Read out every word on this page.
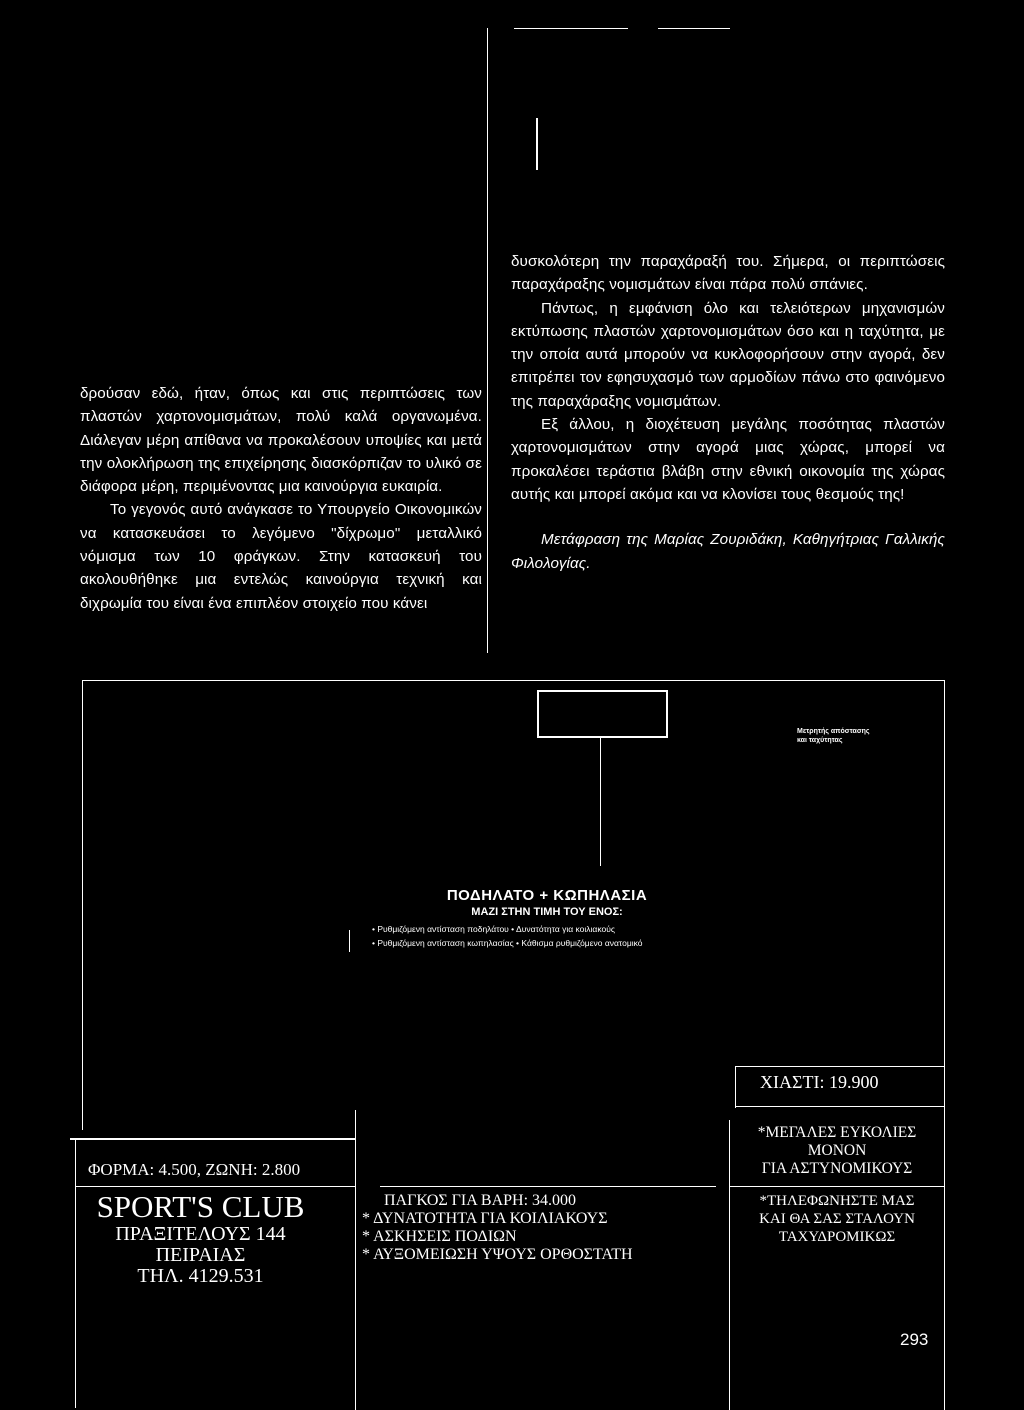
δρούσαν εδώ, ήταν, όπως και στις περιπτώσεις των πλαστών χαρτονομισμάτων, πολύ καλά οργανωμένα. Διάλεγαν μέρη απίθανα να προκαλέσουν υποψίες και μετά την ολοκλήρωση της επιχείρησης διασκόρπιζαν το υλικό σε διάφορα μέρη, περιμένοντας μια καινούργια ευκαιρία.

Το γεγονός αυτό ανάγκασε το Υπουργείο Οικονομικών να κατασκευάσει το λεγόμενο "δίχρωμο" μεταλλικό νόμισμα των 10 φράγκων. Στην κατασκευή του ακολουθήθηκε μια εντελώς καινούργια τεχνική και διχρωμία του είναι ένα επιπλέον στοιχείο που κάνει

δυσκολότερη την παραχάραξή του. Σήμερα, οι περιπτώσεις παραχάραξης νομισμάτων είναι πάρα πολύ σπάνιες.

Πάντως, η εμφάνιση όλο και τελειότερων μηχανισμών εκτύπωσης πλαστών χαρτονομισμάτων όσο και η ταχύτητα, με την οποία αυτά μπορούν να κυκλοφορήσουν στην αγορά, δεν επιτρέπει τον εφησυχασμό των αρμοδίων πάνω στο φαινόμενο της παραχάραξης νομισμάτων.

Εξ άλλου, η διοχέτευση μεγάλης ποσότητας πλαστών χαρτονομισμάτων στην αγορά μιας χώρας, μπορεί να προκαλέσει τεράστια βλάβη στην εθνική οικονομία της χώρας αυτής και μπορεί ακόμα και να κλονίσει τους θεσμούς της!

Μετάφραση της Μαρίας Ζουριδάκη, Καθηγήτριας Γαλλικής Φιλολογίας.

Μετρητής απόστασης
και ταχύτητας
ΠΟΔΗΛΑΤΟ + ΚΩΠΗΛΑΣΙΑ
ΜΑΖΙ ΣΤΗΝ ΤΙΜΗ ΤΟΥ ΕΝΟΣ:
• Ρυθμιζόμενη αντίσταση ποδηλάτου • Δυνατότητα για κοιλιακούς
• Ρυθμιζόμενη αντίσταση κωπηλασίας • Κάθισμα ρυθμιζόμενο ανατομικό
ΧΙΑΣΤΙ: 19.900
ΦΟΡΜΑ: 4.500, ΖΩΝΗ: 2.800
SPORT'S CLUB
ΠΡΑΞΙΤΕΛΟΥΣ 144
ΠΕΙΡΑΙΑΣ
ΤΗΛ. 4129.531
ΠΑΓΚΟΣ ΓΙΑ ΒΑΡΗ: 34.000
* ΔΥΝΑΤΟΤΗΤΑ ΓΙΑ ΚΟΙΛΙΑΚΟΥΣ
* ΑΣΚΗΣΕΙΣ ΠΟΔΙΩΝ
* ΑΥΞΟΜΕΙΩΣΗ ΥΨΟΥΣ ΟΡΘΟΣΤΑΤΗ
*ΜΕΓΑΛΕΣ ΕΥΚΟΛΙΕΣ
ΜΟΝΟΝ
ΓΙΑ ΑΣΤΥΝΟΜΙΚΟΥΣ
*ΤΗΛΕΦΩΝΗΣΤΕ ΜΑΣ
ΚΑΙ ΘΑ ΣΑΣ ΣΤΑΛΟΥΝ
ΤΑΧΥΔΡΟΜΙΚΩΣ
293
